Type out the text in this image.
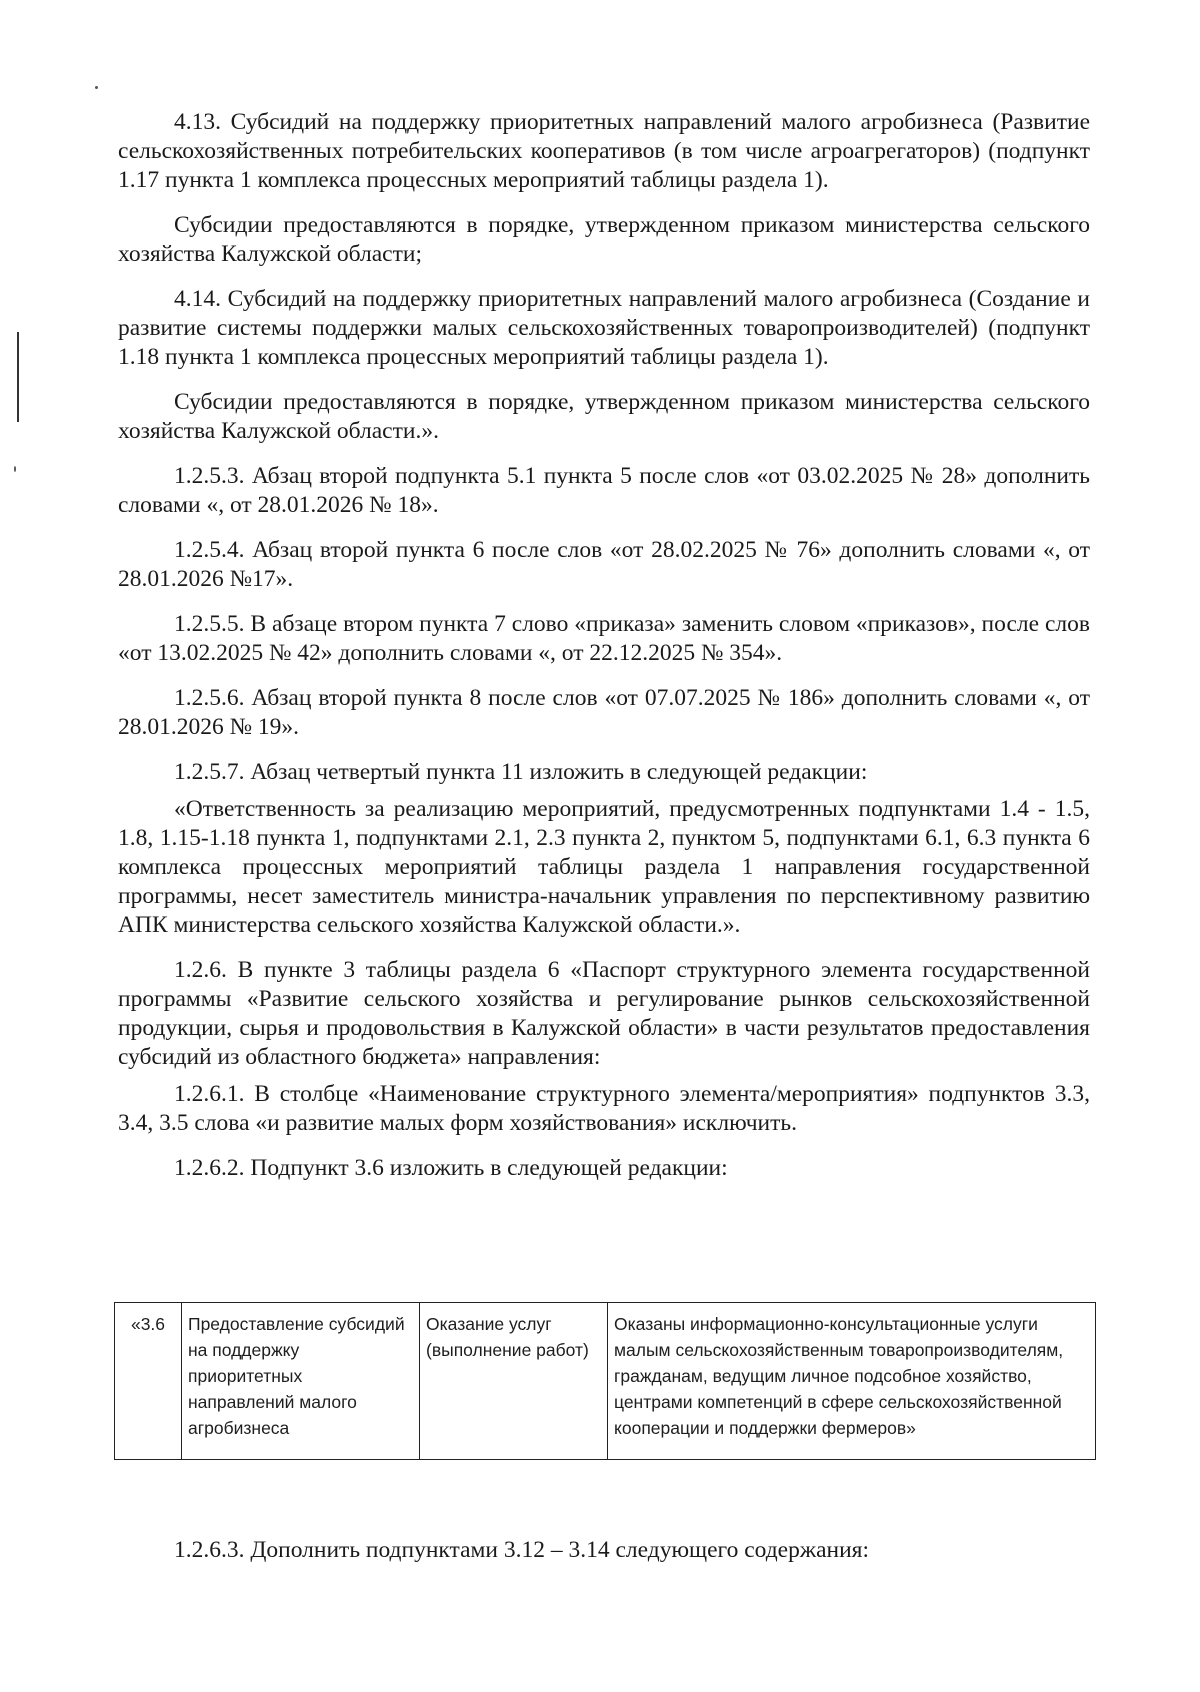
4.13. Субсидий на поддержку приоритетных направлений малого агробизнеса (Развитие сельскохозяйственных потребительских кооперативов (в том числе агроагрегаторов) (подпункт 1.17 пункта 1 комплекса процессных мероприятий таблицы раздела 1).

Субсидии предоставляются в порядке, утвержденном приказом министерства сельского хозяйства Калужской области;

4.14. Субсидий на поддержку приоритетных направлений малого агробизнеса (Создание и развитие системы поддержки малых сельскохозяйственных товаропроизводителей) (подпункт 1.18 пункта 1 комплекса процессных мероприятий таблицы раздела 1).

Субсидии предоставляются в порядке, утвержденном приказом министерства сельского хозяйства Калужской области.».

1.2.5.3. Абзац второй подпункта 5.1 пункта 5 после слов «от 03.02.2025 № 28» дополнить словами «, от 28.01.2026 № 18».

1.2.5.4. Абзац второй пункта 6 после слов «от 28.02.2025 № 76» дополнить словами «, от 28.01.2026 №17».

1.2.5.5. В абзаце втором пункта 7 слово «приказа» заменить словом «приказов», после слов «от 13.02.2025 № 42» дополнить словами «, от 22.12.2025 № 354».

1.2.5.6. Абзац второй пункта 8 после слов «от 07.07.2025 № 186» дополнить словами «, от 28.01.2026 № 19».

1.2.5.7. Абзац четвертый пункта 11 изложить в следующей редакции:

«Ответственность за реализацию мероприятий, предусмотренных подпунктами 1.4 - 1.5, 1.8, 1.15-1.18 пункта 1, подпунктами 2.1, 2.3 пункта 2, пунктом 5, подпунктами 6.1, 6.3 пункта 6 комплекса процессных мероприятий таблицы раздела 1 направления государственной программы, несет заместитель министра-начальник управления по перспективному развитию АПК министерства сельского хозяйства Калужской области.».

1.2.6. В пункте 3 таблицы раздела 6 «Паспорт структурного элемента государственной программы «Развитие сельского хозяйства и регулирование рынков сельскохозяйственной продукции, сырья и продовольствия в Калужской области» в части результатов предоставления субсидий из областного бюджета» направления:

1.2.6.1. В столбце «Наименование структурного элемента/мероприятия» подпунктов 3.3, 3.4, 3.5 слова «и развитие малых форм хозяйствования» исключить.

1.2.6.2. Подпункт 3.6 изложить в следующей редакции:

«3.6	Предоставление субсидий на поддержку приоритетных направлений малого агробизнеса	Оказание услуг (выполнение работ)	Оказаны информационно-консультационные услуги малым сельскохозяйственным товаропроизводителям, гражданам, ведущим личное подсобное хозяйство, центрами компетенций в сфере сельскохозяйственной кооперации и поддержки фермеров»

1.2.6.3. Дополнить подпунктами 3.12 – 3.14 следующего содержания:
